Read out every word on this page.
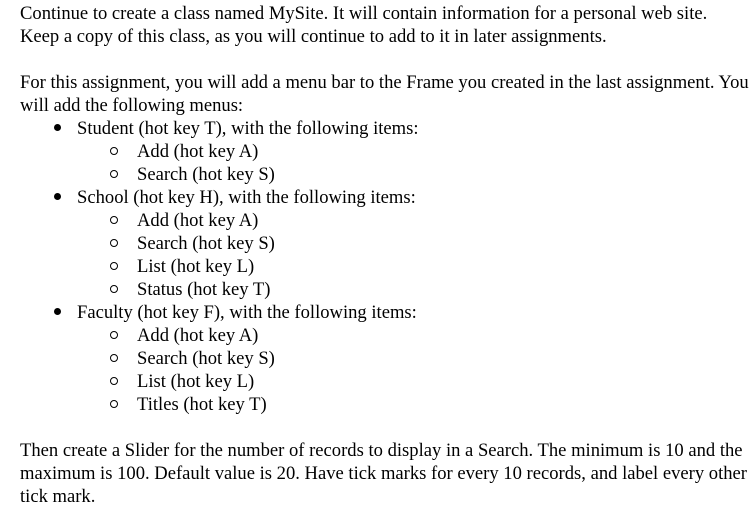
Continue to create a class named MySite. It will contain information for a personal web site. Keep a copy of this class, as you will continue to add to it in later assignments.

For this assignment, you will add a menu bar to the Frame you created in the last assignment. You will add the following menus:

Student (hot key T), with the following items:
Add (hot key A)
Search (hot key S)
School (hot key H), with the following items:
Add (hot key A)
Search (hot key S)
List (hot key L)
Status (hot key T)
Faculty (hot key F), with the following items:
Add (hot key A)
Search (hot key S)
List (hot key L)
Titles (hot key T)

Then create a Slider for the number of records to display in a Search. The minimum is 10 and the maximum is 100. Default value is 20. Have tick marks for every 10 records, and label every other tick mark.
